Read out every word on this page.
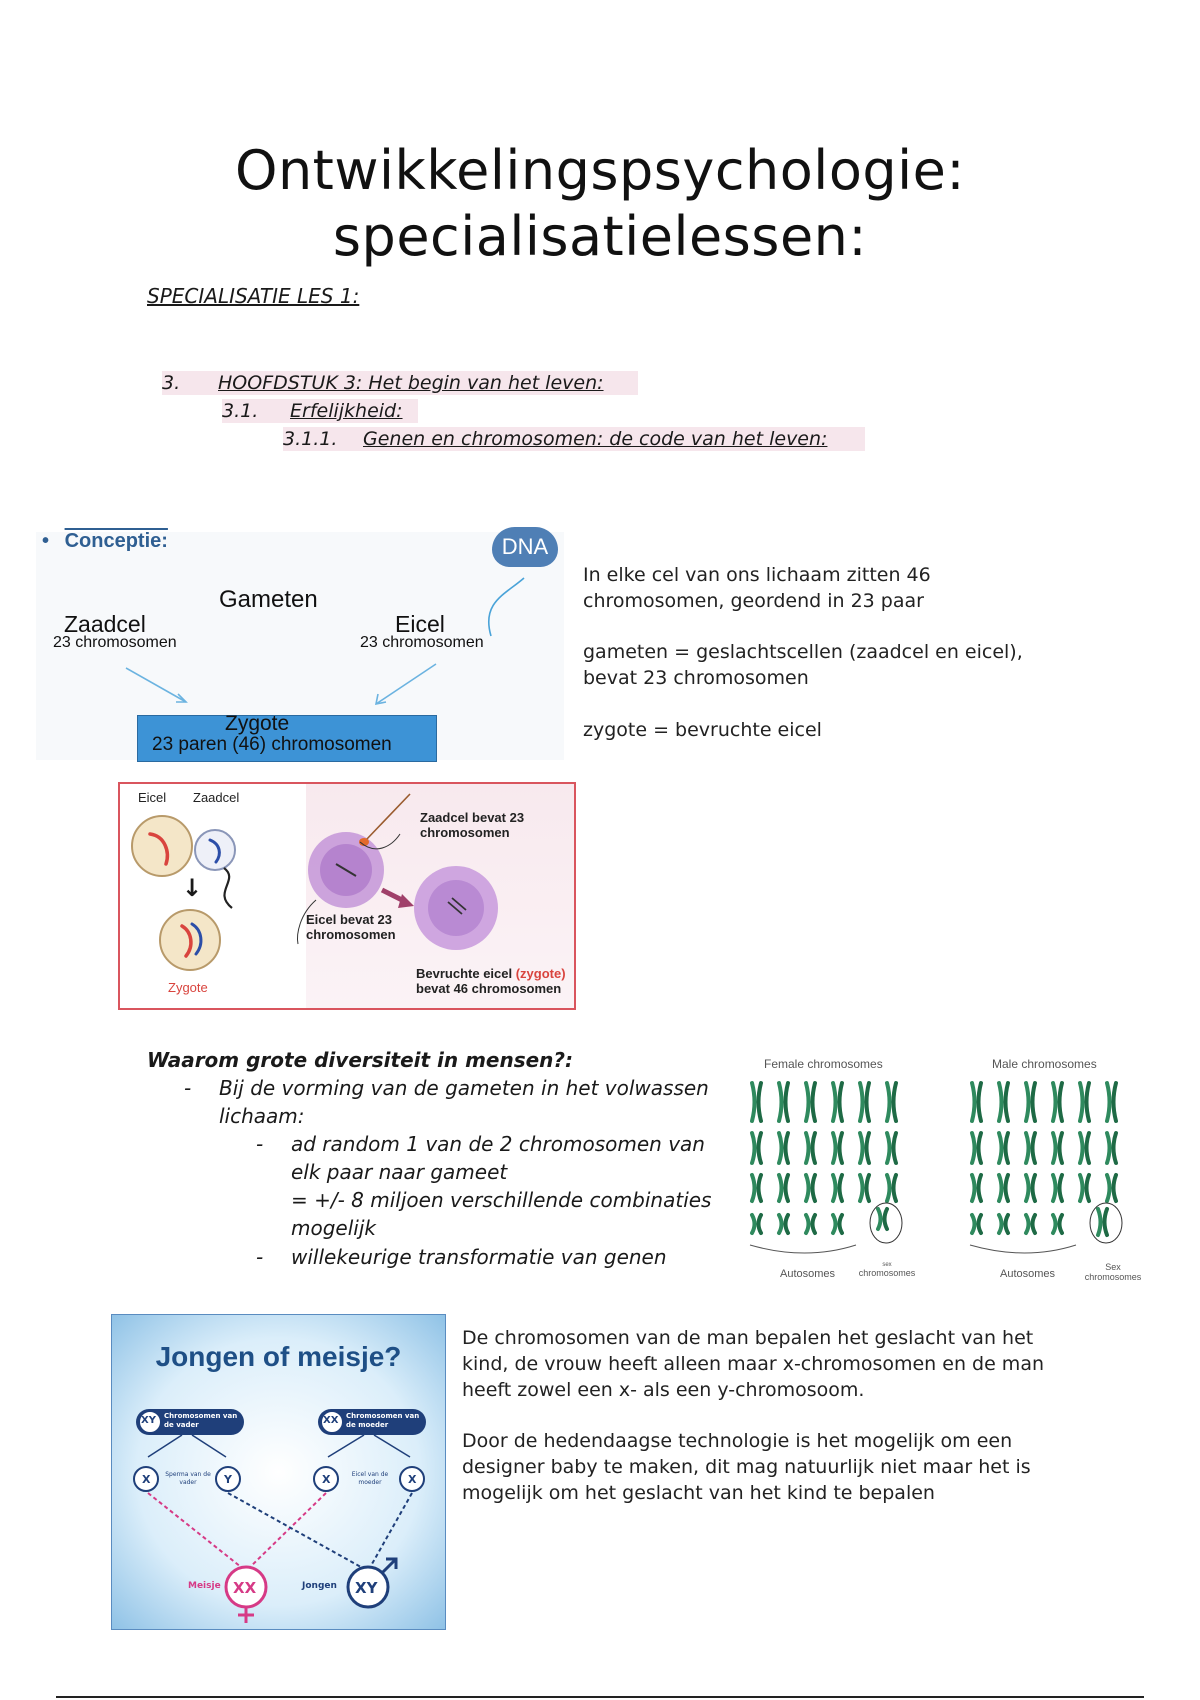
Ontwikkelingspsychologie:
specialisatielessen:
SPECIALISATIE LES 1:
3. HOOFDSTUK 3: Het begin van het leven:
3.1. Erfelijkheid:
3.1.1. Genen en chromosomen: de code van het leven:
• Conceptie:	DNA
Gameten
Zaadcel
23 chromosomen
Eicel
23 chromosomen
Zygote
23 paren (46) chromosomen
In elke cel van ons lichaam zitten 46 chromosomen, geordend in 23 paar
gameten = geslachtscellen (zaadcel en eicel), bevat 23 chromosomen
zygote = bevruchte eicel
Eicel Zaadcel
↓
Zygote
Zaadcel bevat 23 chromosomen
Eicel bevat 23 chromosomen
Bevruchte eicel (zygote)
bevat 46 chromosomen
Waarom grote diversiteit in mensen?:
- Bij de vorming van de gameten in het volwassen lichaam:
- ad random 1 van de 2 chromosomen van elk paar naar gameet
= +/- 8 miljoen verschillende combinaties mogelijk
- willekeurige transformatie van genen
Female chromosomes	Male chromosomes
Autosomes
sex
chromosomes	Autosomes
Sex chromosomes
Jongen of meisje?
XY Chromosomen van de vader	XX Chromosomen van de moeder
X	Y	X	X
Sperma van de vader
Eicel van de moeder
XX	XY
Meisje	Jongen
De chromosomen van de man bepalen het geslacht van het kind, de vrouw heeft alleen maar x-chromosomen en de man heeft zowel een x- als een y-chromosoom.
Door de hedendaagse technologie is het mogelijk om een designer baby te maken, dit mag natuurlijk niet maar het is mogelijk om het geslacht van het kind te bepalen
